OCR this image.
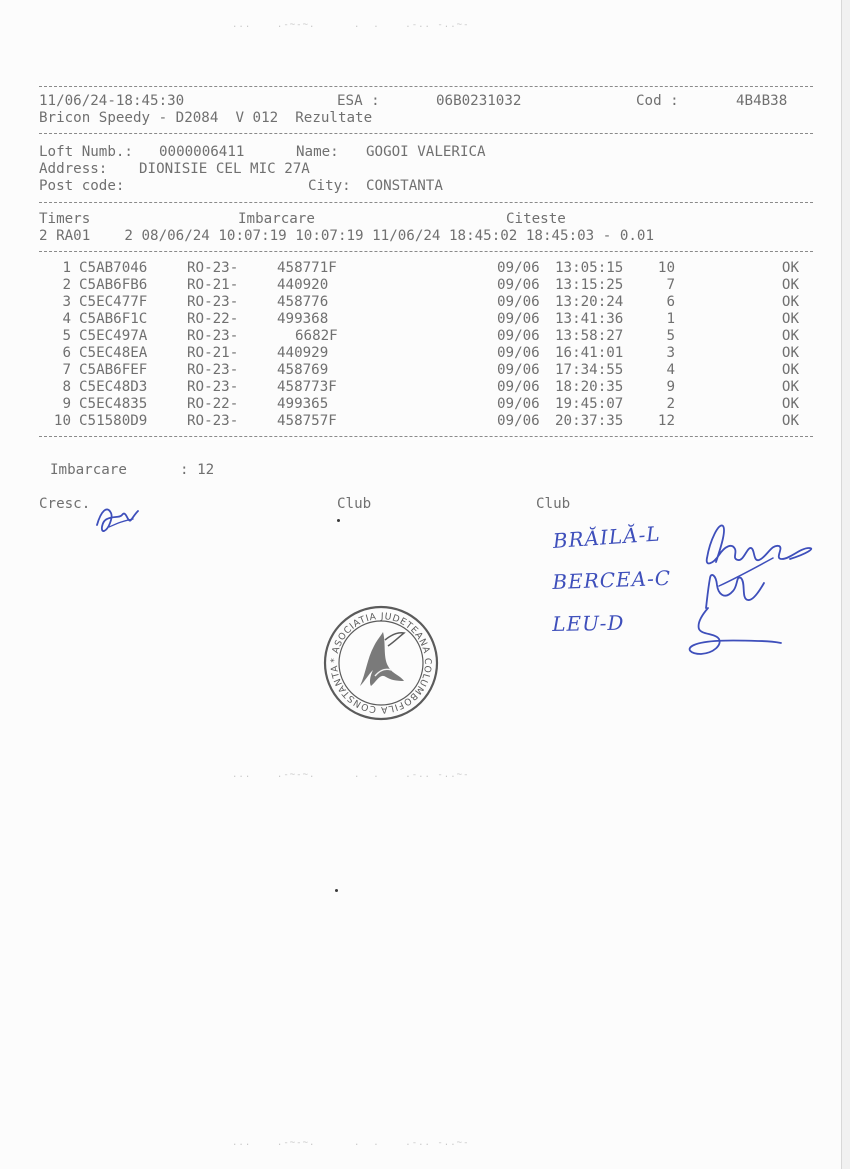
...    .-~-~.      .  .    .-.. -..~-
...    .-~-~.      .  .    .-.. -..~-
...    .-~-~.      .  .    .-.. -..~-
11/06/24-18:45:30	ESA :	06B0231032	Cod :	4B4B38
Bricon Speedy - D2084  V 012  Rezultate
Loft Numb.: 0000006411	Name: GOGOI VALERICA
Address: DIONISIE CEL MIC 27A
Post code:	City: CONSTANTA
Timers	Imbarcare	Citeste
2 RA01    2 08/06/24 10:07:19 10:07:19 11/06/24 18:45:02 18:45:03 - 0.01
1 C5AB7046	RO-23-	458771F	09/06 13:05:15	10	OK
2 C5AB6FB6	RO-21-	440920	09/06 13:15:25	7	OK
3 C5EC477F	RO-23-	458776	09/06 13:20:24	6	OK
4 C5AB6F1C	RO-22-	499368	09/06 13:41:36	1	OK
5 C5EC497A	RO-23-	6682F	09/06 13:58:27	5	OK
6 C5EC48EA	RO-21-	440929	09/06 16:41:01	3	OK
7 C5AB6FEF	RO-23-	458769	09/06 17:34:55	4	OK
8 C5EC48D3	RO-23-	458773F	09/06 18:20:35	9	OK
9 C5EC4835	RO-22-	499365	09/06 19:45:07	2	OK
10 C51580D9	RO-23-	458757F	09/06 20:37:35	12	OK
Imbarcare	: 12
Cresc.	Club	Club
BRĂILĂ-L
BERCEA-C
LEU-D
* ASOCIATIA JUDETEANA COLUMBOFILA CONSTANTA
